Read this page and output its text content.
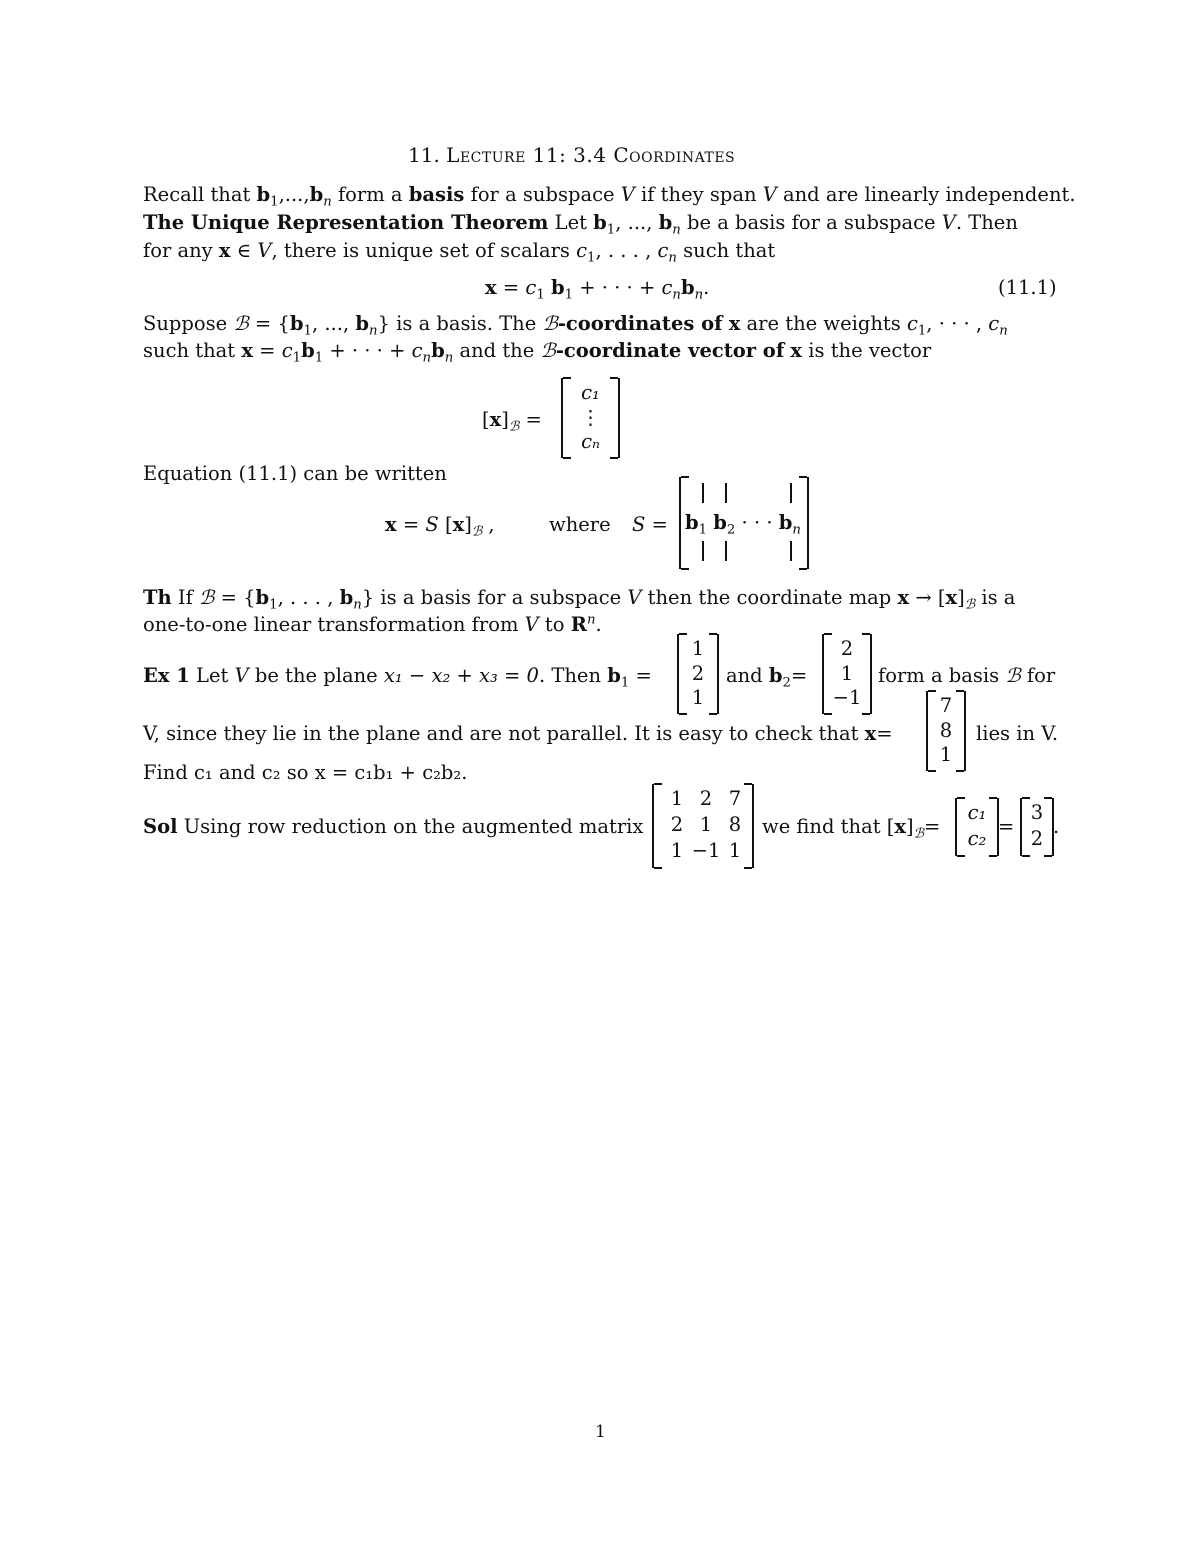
11. Lecture 11: 3.4 Coordinates
Recall that $b_1,...,b_n$ form a basis for a subspace V if they span V and are linearly independent.
The Unique Representation Theorem Let $b_1$, ..., $b_n$ be a basis for a subspace V. Then
for any x ∈ V, there is unique set of scalars $c_1$, . . . , $c_n$ such that
$x = c_1$ $b_1$ + · · · + $c_nb_n$.	(11.1)
Suppose ℬ = {$b_1$, ..., $b_n$} is a basis. The ℬ-coordinates of x are the weights $c_1$, · · · , $c_n$
such that $x = c_1b_1$ + · · · + $c_nb_n$ and the ℬ-coordinate vector of x is the vector
$[x]_ℬ$ =
c₁
⋮
cₙ
Equation (11.1) can be written
x = S $[x]_ℬ$ ,	where $S = b_1$ $b_2$ · · · $b_n$
Th If ℬ = {$b_1$, . . . , $b_n$} is a basis for a subspace V then the coordinate map $x \to [x]_ℬ$ is a
one-to-one linear transformation from V to $R^n$.
Ex 1 Let V be the plane x₁ − x₂ + x₃ = 0. Then $b_1$ =
1
2
1
and $b_2=$
2
1
−1
form a basis ℬ for
V, since they lie in the plane and are not parallel. It is easy to check that x=
7
8
1
lies in V.
Find c₁ and c₂ so x = c₁b₁ + c₂b₂.
Sol Using row reduction on the augmented matrix
1 2 7
2 1 8
1 −1 1
we find that $[x]_ℬ=$
c₁
c₂
=
3
2
.
1
